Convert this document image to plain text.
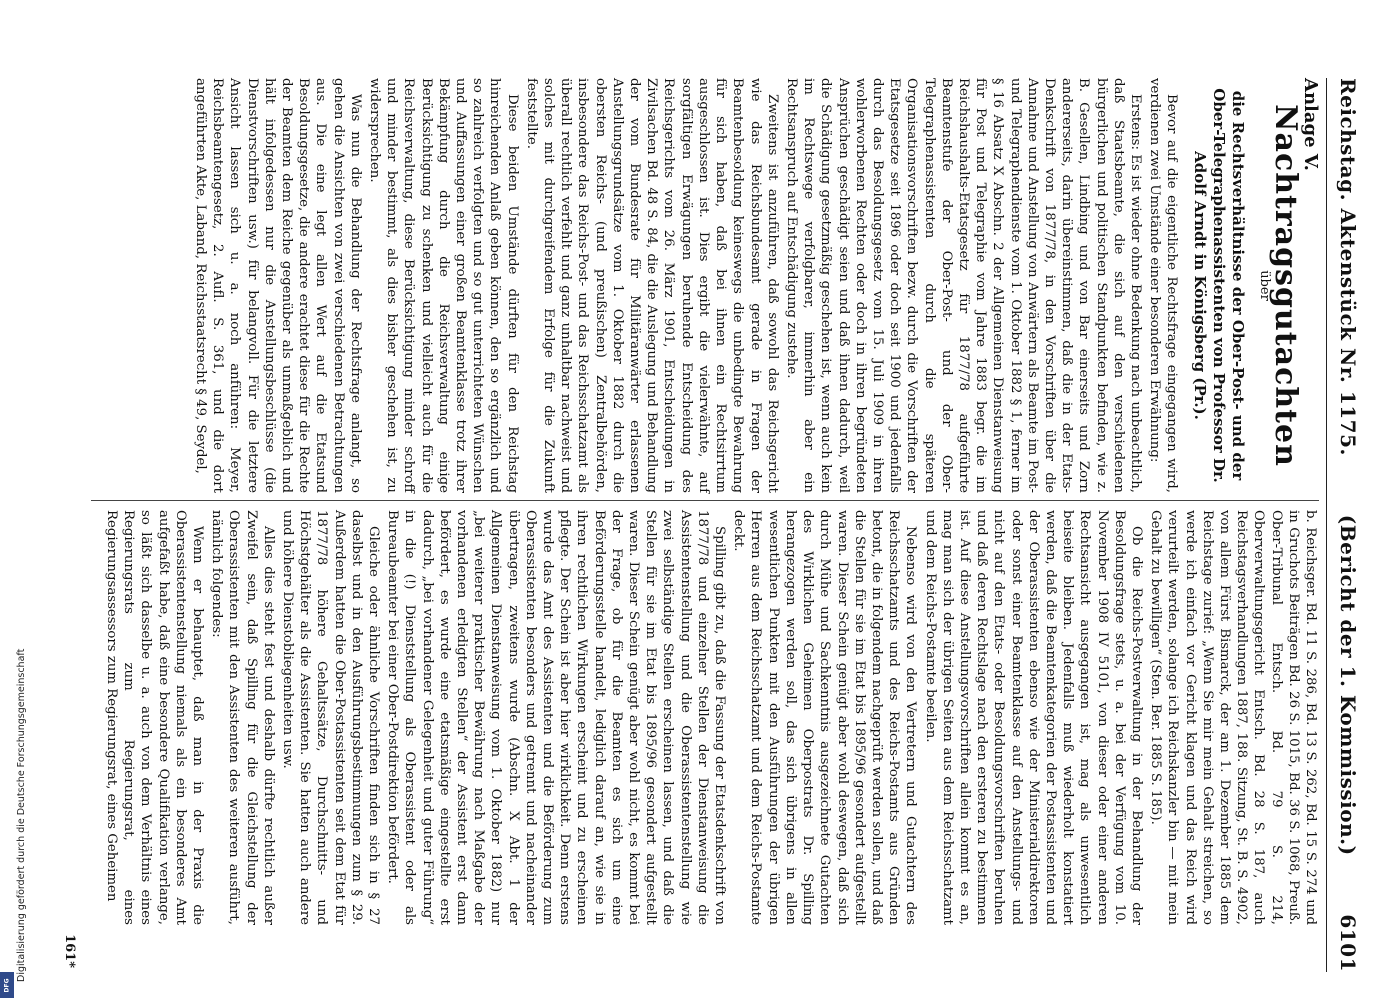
Reichstag. Aktenstück Nr. 1175.
(Bericht der 1. Kommission.)
6101
Anlage V.
Nachtragsgutachten
über
die Rechtsverhältnisse der Ober-Post- und der Ober-Telegraphenassistenten von Professor Dr. Adolf Arndt in Königsberg (Pr.).

Bevor auf die eigentliche Rechtsfrage eingegangen wird, verdienen zwei Umstände einer besonderen Erwähnung:

Erstens: Es ist wieder ohne Bedenkung nach unbeachtlich, daß Staatsbeamte, die sich auf den verschiedenen bürgerlichen und politischen Standpunkten befinden, wie z. B. Gesellen, Lindbing und von Bar einerseits und Zorn andererseits, darin übereinstimmen, daß die in der Etats-Denkschrift von 1877/78, in den Vorschriften über die Annahme und Anstellung von Anwärtern als Beamte im Post- und Telegraphendienste vom 1. Oktober 1882 § 1, ferner im § 16 Absatz X Abschn. 2 der Allgemeinen Dienstanweisung für Post und Telegraphie vom Jahre 1883 begr. die im Reichshaushalts-Etatsgesetz für 1877/78 aufgeführte Beamtenstufe der Ober-Post- und der Ober-Telegraphenassistenten durch die späteren Organisationsvorschriften bezw. durch die Vorschriften der Etatsgesetze seit 1896 oder doch seit 1900 und jedenfalls durch das Besoldungsgesetz vom 15. Juli 1909 in ihren wohlerworbenen Rechten oder doch in ihren begründeten Ansprüchen geschädigt seien und daß ihnen dadurch, weil die Schädigung gesetzmäßig geschehen ist, wenn auch kein im Rechtswege verfolgbarer, immerhin aber ein Rechtsanspruch auf Entschädigung zustehe.

Zweitens ist anzuführen, daß sowohl das Reichsgericht wie das Reichsbundesamt gerade in Fragen der Beamtenbesoldung keineswegs die unbedingte Bewahrung für sich haben, daß bei ihnen ein Rechtsirrtum ausgeschlossen ist. Dies ergibt die vielerwähnte, auf sorgfältigen Erwägungen beruhende Entscheidung des Reichsgerichts vom 26. März 1901, Entscheidungen in Zivilsachen Bd. 48 S. 84, die die Auslegung und Behandlung der vom Bundesrate für Militäranwärter erlassenen Anstellungsgrundsätze vom 1. Oktober 1882 durch die obersten Reichs- (und preußischen) Zentralbehörden, insbesondere das Reichs-Post- und das Reichsschatzamt als überall rechtlich verfehlt und ganz unhaltbar nachweist und solches mit durchgreifendem Erfolge für die Zukunft feststellte.

Diese beiden Umstände dürften für den Reichstag hinreichenden Anlaß geben können, den so ergänzlich und so zahlreich verfolgten und so gut unterrichteten Wünschen und Auffassungen einer großen Beamtenklasse trotz ihrer Bekämpfung durch die Reichsverwaltung einige Berücksichtigung zu schenken und vielleicht auch für die Reichsverwaltung, diese Berücksichtigung minder schroff und minder bestimmt, als dies bisher geschehen ist, zu widersprechen.

Was nun die Behandlung der Rechtsfrage anlangt, so gehen die Ansichten von zwei verschiedenen Betrachtungen aus. Die eine legt allen Wert auf die Etatsund Besoldungsgesetze, die andere erachtet diese für die Rechte der Beamten dem Reiche gegenüber als unmaßgeblich und hält infolgedessen nur die Anstellungsbeschlüsse (die Dienstvorschriften usw.) für belangvoll. Für die letztere Ansicht lassen sich u. a. noch anführen: Meyer, Reichsbeamtengesetz, 2. Aufl. S. 361, und die dort angeführten Akte, Laband, Reichsstaatsrecht § 49, Seydel,

b. Reichsger. Bd. 11 S. 286, Bd. 13 S. 262, Bd. 15 S. 274 und in Gruchots Beiträgen Bd. 26 S. 1015, Bd. 36 S. 1068, Preuß. Ober-Tribunal Entsch. Bd. 79 S. 214, Oberverwaltungsgericht Entsch. Bd. 28 S. 187, auch Reichstagsverhandlungen 1887, 188. Sitzung, St. B. S. 4902, von allem Fürst Bismarck, der am 1. Dezember 1885 dem Reichstage zurief: „Wenn Sie mir mein Gehalt streichen, so werde ich einfach vor Gericht klagen und das Reich wird verurteilt werden, solange ich Reichskanzler bin — mit mein Gehalt zu bewilligen“ (Sten. Ber. 1885 S. 185).

Ob die Reichs-Postverwaltung in der Behandlung der Besoldungsfrage stets, u. a. bei der Verfügung vom 10. November 1908 IV 5101, von dieser oder einer anderen Rechtsansicht ausgegangen ist, mag als unwesentlich beiseite bleiben. Jedenfalls muß wiederholt konstatiert werden, daß die Beamtenkategorien der Postassistenten und der Oberassistenten ebenso wie der Ministerialdirektoren oder sonst einer Beamtenklasse auf den Anstellungs- und nicht auf den Etats- oder Besoldungsvorschriften beruhen und daß deren Rechtslage nach den ersteren zu bestimmen ist. Auf diese Anstellungsvorschriften allein kommt es an, mag man sich der übrigen Seiten aus dem Reichsschatzamt und dem Reichs-Postamte beeilen.

Nebenso wird von den Vertretern und Gutachtern des Reichsschatzamts und des Reichs-Postamts aus Gründen betont, die in folgendem nachgeprüft werden sollen, und daß die Stellen für sie im Etat bis 1895/96 gesondert aufgestellt waren. Dieser Schein genügt aber wohl deswegen, daß sich durch Mühe und Sachkenntnis ausgezeichnete Gutachten des Wirklichen Geheimen Oberpostrats Dr. Spilling herangezogen werden soll, das sich übrigens in allen wesentlichen Punkten mit den Ausführungen der übrigen Herren aus dem Reichsschatzamt und dem Reichs-Postamte deckt.

Spilling gibt zu, daß die Fassung der Etatsdenkschrift von 1877/78 und einzelner Stellen der Dienstanweisung die Assistentenstellung und die Oberassistentenstellung wie zwei selbständige Stellen erscheinen lassen, und daß die Stellen für sie im Etat bis 1895/96 gesondert aufgestellt waren. Dieser Schein genügt aber wohl nicht, es kommt bei der Frage, ob für die Beamten es sich um eine Beförderungsstelle handelt, lediglich darauf an, wie sie in ihren rechtlichen Wirkungen erscheint und zu erscheinen pflegte. Der Schein ist aber hier wirklichkeit. Denn erstens wurde das Amt des Assistenten und die Beförderung zum Oberassistenten besonders und getrennt und nacheinander übertragen, zweitens wurde (Abschn. X Abt. 1 der Allgemeinen Dienstanweisung vom 1. Oktober 1882) nur „bei weiterer praktischer Bewährung nach Maßgabe der vorhandenen erledigten Stellen“ der Assistent erst dann befördert, es wurde eine etatsmäßige eingestellte erst dadurch, „bei vorhandener Gelegenheit und guter Führung“ in die (!) Dienststellung als Oberassistent oder als Bureaubeamter bei einer Ober-Postdirektion befördert.

Gleiche oder ähnliche Vorschriften finden sich in § 27 daselbst und in den Ausführungsbestimmungen zum § 29. Außerdem hatten die Ober-Postassistenten seit dem Etat für 1877/78 höhere Gehaltssätze, Durchschnitts- und Höchstgehälter als die Assistenten. Sie hatten auch andere und höhere Dienstobliegenheiten usw.

Alles dies steht fest und deshalb dürfte rechtlich außer Zweifel sein, daß Spilling für die Gleichstellung der Oberassistenten mit den Assistenten des weiteren ausführt, nämlich folgendes:

Wenn er behauptet, daß man in der Praxis die Oberassistentenstellung niemals als ein besonderes Amt aufgefaßt habe, daß eine besondere Qualifikation verlange, so läßt sich dasselbe u. a. auch von dem Verhältnis eines Regierungsrats zum Regierungsrat, eines Regierungsassessors zum Regierungsrat, eines Geheimen

161*
Digitalisierung gefördert durch die Deutsche Forschungsgemeinschaft
DFG
